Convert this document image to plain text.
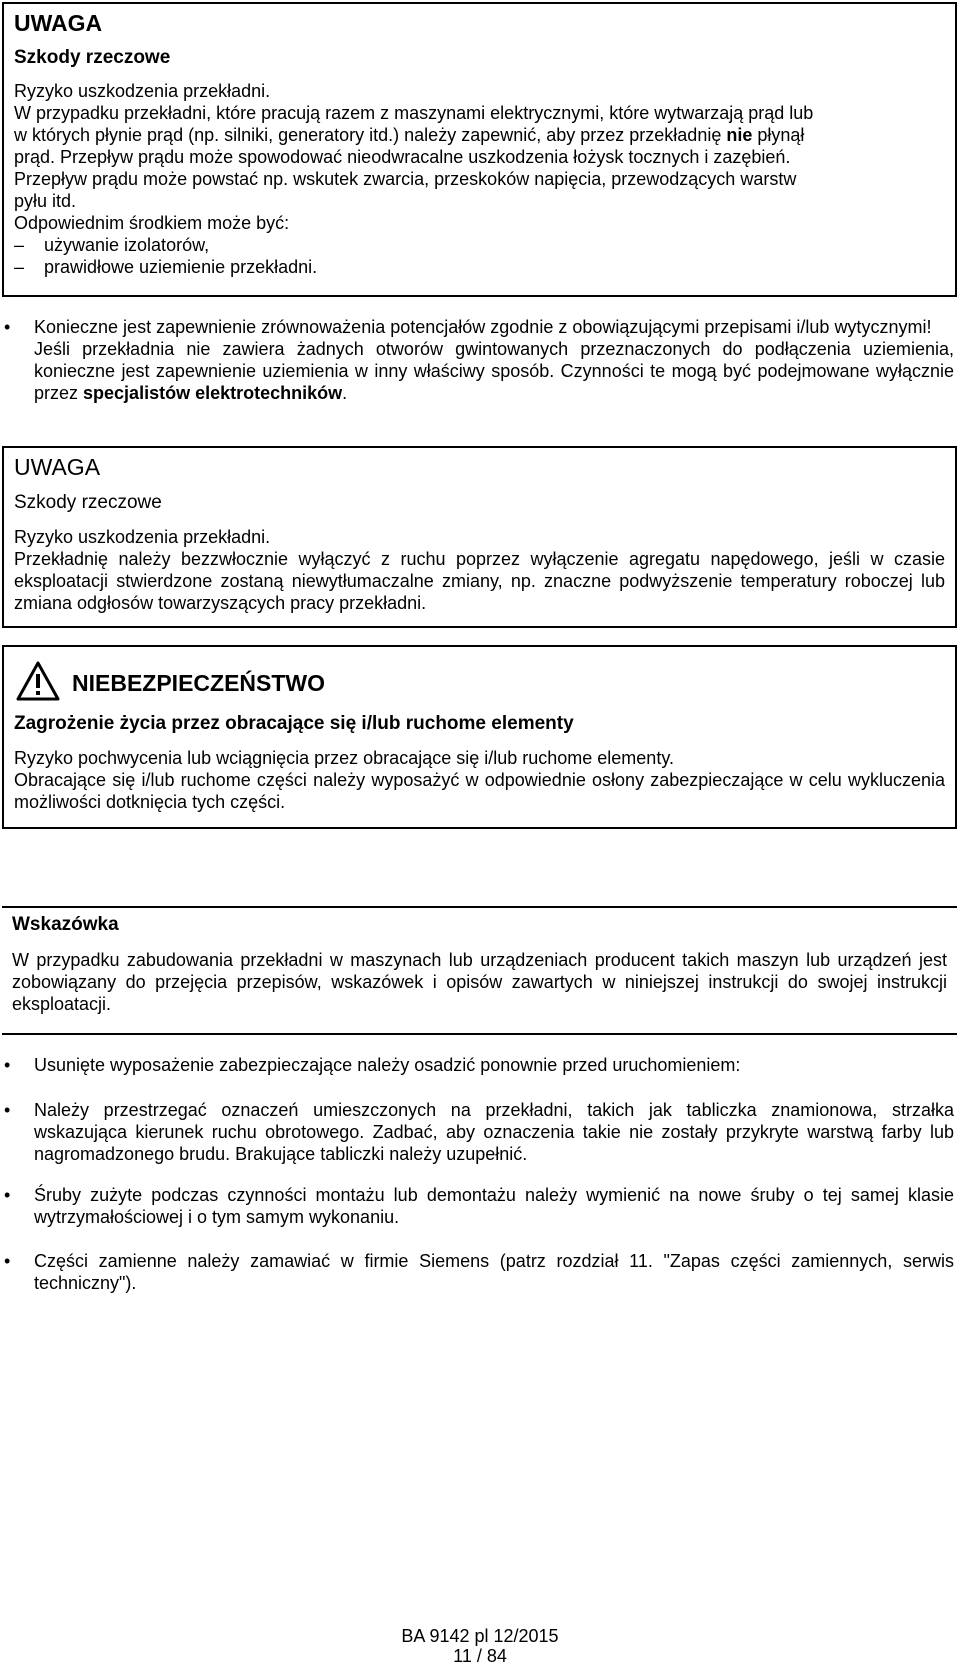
UWAGA
Szkody rzeczowe
Ryzyko uszkodzenia przekładni.
W przypadku przekładni, które pracują razem z maszynami elektrycznymi, które wytwarzają prąd lub
w których płynie prąd (np. silniki, generatory itd.) należy zapewnić, aby przez przekładnię nie płynął
prąd. Przepływ prądu może spowodować nieodwracalne uszkodzenia łożysk tocznych i zazębień.
Przepływ prądu może powstać np. wskutek zwarcia, przeskoków napięcia, przewodzących warstw
pyłu itd.
Odpowiednim środkiem może być:
– używanie izolatorów,
– prawidłowe uziemienie przekładni.
• Konieczne jest zapewnienie zrównoważenia potencjałów zgodnie z obowiązującymi przepisami i/lub wytycznymi!
Jeśli przekładnia nie zawiera żadnych otworów gwintowanych przeznaczonych do podłączenia uziemienia, konieczne jest zapewnienie uziemienia w inny właściwy sposób. Czynności te mogą być podejmowane wyłącznie przez specjalistów elektrotechników.
UWAGA
Szkody rzeczowe
Ryzyko uszkodzenia przekładni.

Przekładnię należy bezzwłocznie wyłączyć z ruchu poprzez wyłączenie agregatu napędowego, jeśli w czasie eksploatacji stwierdzone zostaną niewytłumaczalne zmiany, np. znaczne podwyższenie temperatury roboczej lub zmiana odgłosów towarzyszących pracy przekładni.

NIEBEZPIECZEŃSTWO
Zagrożenie życia przez obracające się i/lub ruchome elementy
Ryzyko pochwycenia lub wciągnięcia przez obracające się i/lub ruchome elementy.

Obracające się i/lub ruchome części należy wyposażyć w odpowiednie osłony zabezpieczające w celu wykluczenia możliwości dotknięcia tych części.

Wskazówka

W przypadku zabudowania przekładni w maszynach lub urządzeniach producent takich maszyn lub urządzeń jest zobowiązany do przejęcia przepisów, wskazówek i opisów zawartych w niniejszej instrukcji do swojej instrukcji eksploatacji.

• Usunięte wyposażenie zabezpieczające należy osadzić ponownie przed uruchomieniem:
• Należy przestrzegać oznaczeń umieszczonych na przekładni, takich jak tabliczka znamionowa, strzałka wskazująca kierunek ruchu obrotowego. Zadbać, aby oznaczenia takie nie zostały przykryte warstwą farby lub nagromadzonego brudu. Brakujące tabliczki należy uzupełnić.
• Śruby zużyte podczas czynności montażu lub demontażu należy wymienić na nowe śruby o tej samej klasie wytrzymałościowej i o tym samym wykonaniu.
• Części zamienne należy zamawiać w firmie Siemens (patrz rozdział 11. "Zapas części zamiennych, serwis techniczny").
BA 9142 pl 12/2015
11 / 84
